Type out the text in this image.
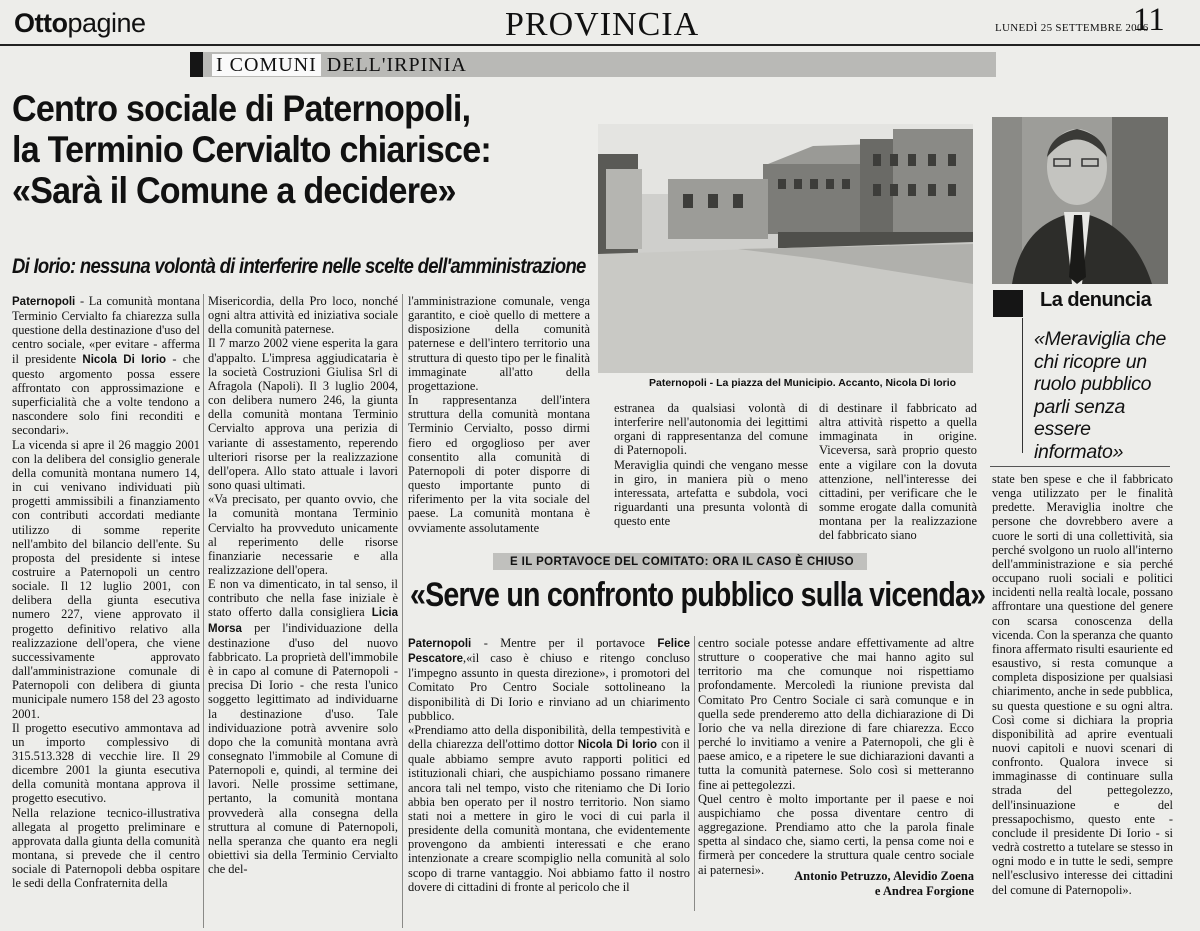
Ottopagine	PROVINCIA	LUNEDÌ 25 SETTEMBRE 2006
11
I COMUNI DELL'IRPINIA
Centro sociale di Paternopoli,
la Terminio Cervialto chiarisce:
«Sarà il Comune a decidere»
Di Iorio: nessuna volontà di interferire nelle scelte dell'amministrazione
Paternopoli - La comunità montana Terminio Cervialto fa chiarezza sulla questione della destinazione d'uso del centro sociale, «per evitare - afferma il presidente Nicola Di Iorio - che questo argomento possa essere affrontato con approssimazione e superficialità che a volte tendono a nascondere solo fini reconditi e secondari».
La vicenda si apre il 26 maggio 2001 con la delibera del consiglio generale della comunità montana numero 14, in cui venivano individuati più progetti ammissibili a finanziamento con contributi accordati mediante utilizzo di somme reperite nell'ambito del bilancio dell'ente. Su proposta del presidente si intese costruire a Paternopoli un centro sociale. Il 12 luglio 2001, con delibera della giunta esecutiva numero 227, viene approvato il progetto definitivo relativo alla realizzazione dell'opera, che viene successivamente approvato dall'amministrazione comunale di Paternopoli con delibera di giunta municipale numero 158 del 23 agosto 2001.
Il progetto esecutivo ammontava ad un importo complessivo di 315.513.328 di vecchie lire. Il 29 dicembre 2001 la giunta esecutiva della comunità montana approva il progetto esecutivo.
Nella relazione tecnico-illustrativa allegata al progetto preliminare e approvata dalla giunta della comunità montana, si prevede che il centro sociale di Paternopoli debba ospitare le sedi della Confraternita della
Misericordia, della Pro loco, nonché ogni altra attività ed iniziativa sociale della comunità paternese.
Il 7 marzo 2002 viene esperita la gara d'appalto. L'impresa aggiudicataria è la società Costruzioni Giulisa Srl di Afragola (Napoli). Il 3 luglio 2004, con delibera numero 246, la giunta della comunità montana Terminio Cervialto approva una perizia di variante di assestamento, reperendo ulteriori risorse per la realizzazione dell'opera. Allo stato attuale i lavori sono quasi ultimati.
«Va precisato, per quanto ovvio, che la comunità montana Terminio Cervialto ha provveduto unicamente al reperimento delle risorse finanziarie necessarie e alla realizzazione dell'opera.
E non va dimenticato, in tal senso, il contributo che nella fase iniziale è stato offerto dalla consigliera Licia Morsa per l'individuazione della destinazione d'uso del nuovo fabbricato. La proprietà dell'immobile è in capo al comune di Paternopoli - precisa Di Iorio - che resta l'unico soggetto legittimato ad individuarne la destinazione d'uso. Tale individuazione potrà avvenire solo dopo che la comunità montana avrà consegnato l'immobile al Comune di Paternopoli e, quindi, al termine dei lavori. Nelle prossime settimane, pertanto, la comunità montana provvederà alla consegna della struttura al comune di Paternopoli, nella speranza che quanto era negli obiettivi sia della Terminio Cervialto che del-
l'amministrazione comunale, venga garantito, e cioè quello di mettere a disposizione della comunità paternese e dell'intero territorio una struttura di questo tipo per le finalità immaginate all'atto della progettazione.
In rappresentanza dell'intera struttura della comunità montana Terminio Cervialto, posso dirmi fiero ed orgoglioso per aver consentito alla comunità di Paternopoli di poter disporre di questo importante punto di riferimento per la vita sociale del paese. La comunità montana è ovviamente assolutamente
estranea da qualsiasi volontà di interferire nell'autonomia dei legittimi organi di rappresentanza del comune di Paternopoli.
Meraviglia quindi che vengano messe in giro, in maniera più o meno interessata, artefatta e subdola, voci riguardanti una presunta volontà di questo ente
di destinare il fabbricato ad altra attività rispetto a quella immaginata in origine. Viceversa, sarà proprio questo ente a vigilare con la dovuta attenzione, nell'interesse dei cittadini, per verificare che le somme erogate dalla comunità montana per la realizzazione del fabbricato siano
state ben spese e che il fabbricato venga utilizzato per le finalità predette. Meraviglia inoltre che persone che dovrebbero avere a cuore le sorti di una collettività, sia perché svolgono un ruolo all'interno dell'amministrazione e sia perché occupano ruoli sociali e politici incidenti nella realtà locale, possano affrontare una questione del genere con scarsa conoscenza della vicenda. Con la speranza che quanto finora affermato risulti esauriente ed esaustivo, si resta comunque a completa disposizione per qualsiasi chiarimento, anche in sede pubblica, su questa questione e su ogni altra. Così come si dichiara la propria disponibilità ad aprire eventuali nuovi capitoli e nuovi scenari di confronto. Qualora invece si immaginasse di continuare sulla strada del pettegolezzo, dell'insinuazione e del pressapochismo, questo ente - conclude il presidente Di Iorio - si vedrà costretto a tutelare se stesso in ogni modo e in tutte le sedi, sempre nell'esclusivo interesse dei cittadini del comune di Paternopoli».
Paternopoli - La piazza del Municipio. Accanto, Nicola Di Iorio
La denuncia

«Meraviglia che chi ricopre un ruolo pubblico parli senza essere informato»

E IL PORTAVOCE DEL COMITATO: ORA IL CASO È CHIUSO
«Serve un confronto pubblico sulla vicenda»
Paternopoli - Mentre per il portavoce Felice Pescatore,«il caso è chiuso e ritengo concluso l'impegno assunto in questa direzione», i promotori del Comitato Pro Centro Sociale sottolineano la disponibilità di Di Iorio e rinviano ad un chiarimento pubblico.
«Prendiamo atto della disponibilità, della tempestività e della chiarezza dell'ottimo dottor Nicola Di Iorio con il quale abbiamo sempre avuto rapporti politici ed istituzionali chiari, che auspichiamo possano rimanere ancora tali nel tempo, visto che riteniamo che Di Iorio abbia ben operato per il nostro territorio. Non siamo stati noi a mettere in giro le voci di cui parla il presidente della comunità montana, che evidentemente provengono da ambienti interessati e che erano intenzionate a creare scompiglio nella comunità al solo scopo di trarne vantaggio. Noi abbiamo fatto il nostro dovere di cittadini di fronte al pericolo che il
centro sociale potesse andare effettivamente ad altre strutture o cooperative che mai hanno agito sul territorio ma che comunque noi rispettiamo profondamente. Mercoledì la riunione prevista dal Comitato Pro Centro Sociale ci sarà comunque e in quella sede prenderemo atto della dichiarazione di Di Iorio che va nella direzione di fare chiarezza. Ecco perché lo invitiamo a venire a Paternopoli, che gli è paese amico, e a ripetere le sue dichiarazioni davanti a tutta la comunità paternese. Solo così si metteranno fine ai pettegolezzi.
Quel centro è molto importante per il paese e noi auspichiamo che possa diventare centro di aggregazione. Prendiamo atto che la parola finale spetta al sindaco che, siamo certi, la pensa come noi e firmerà per concedere la struttura quale centro sociale ai paternesi».	Antonio Petruzzo, Alevidio Zoena
e Andrea Forgione
